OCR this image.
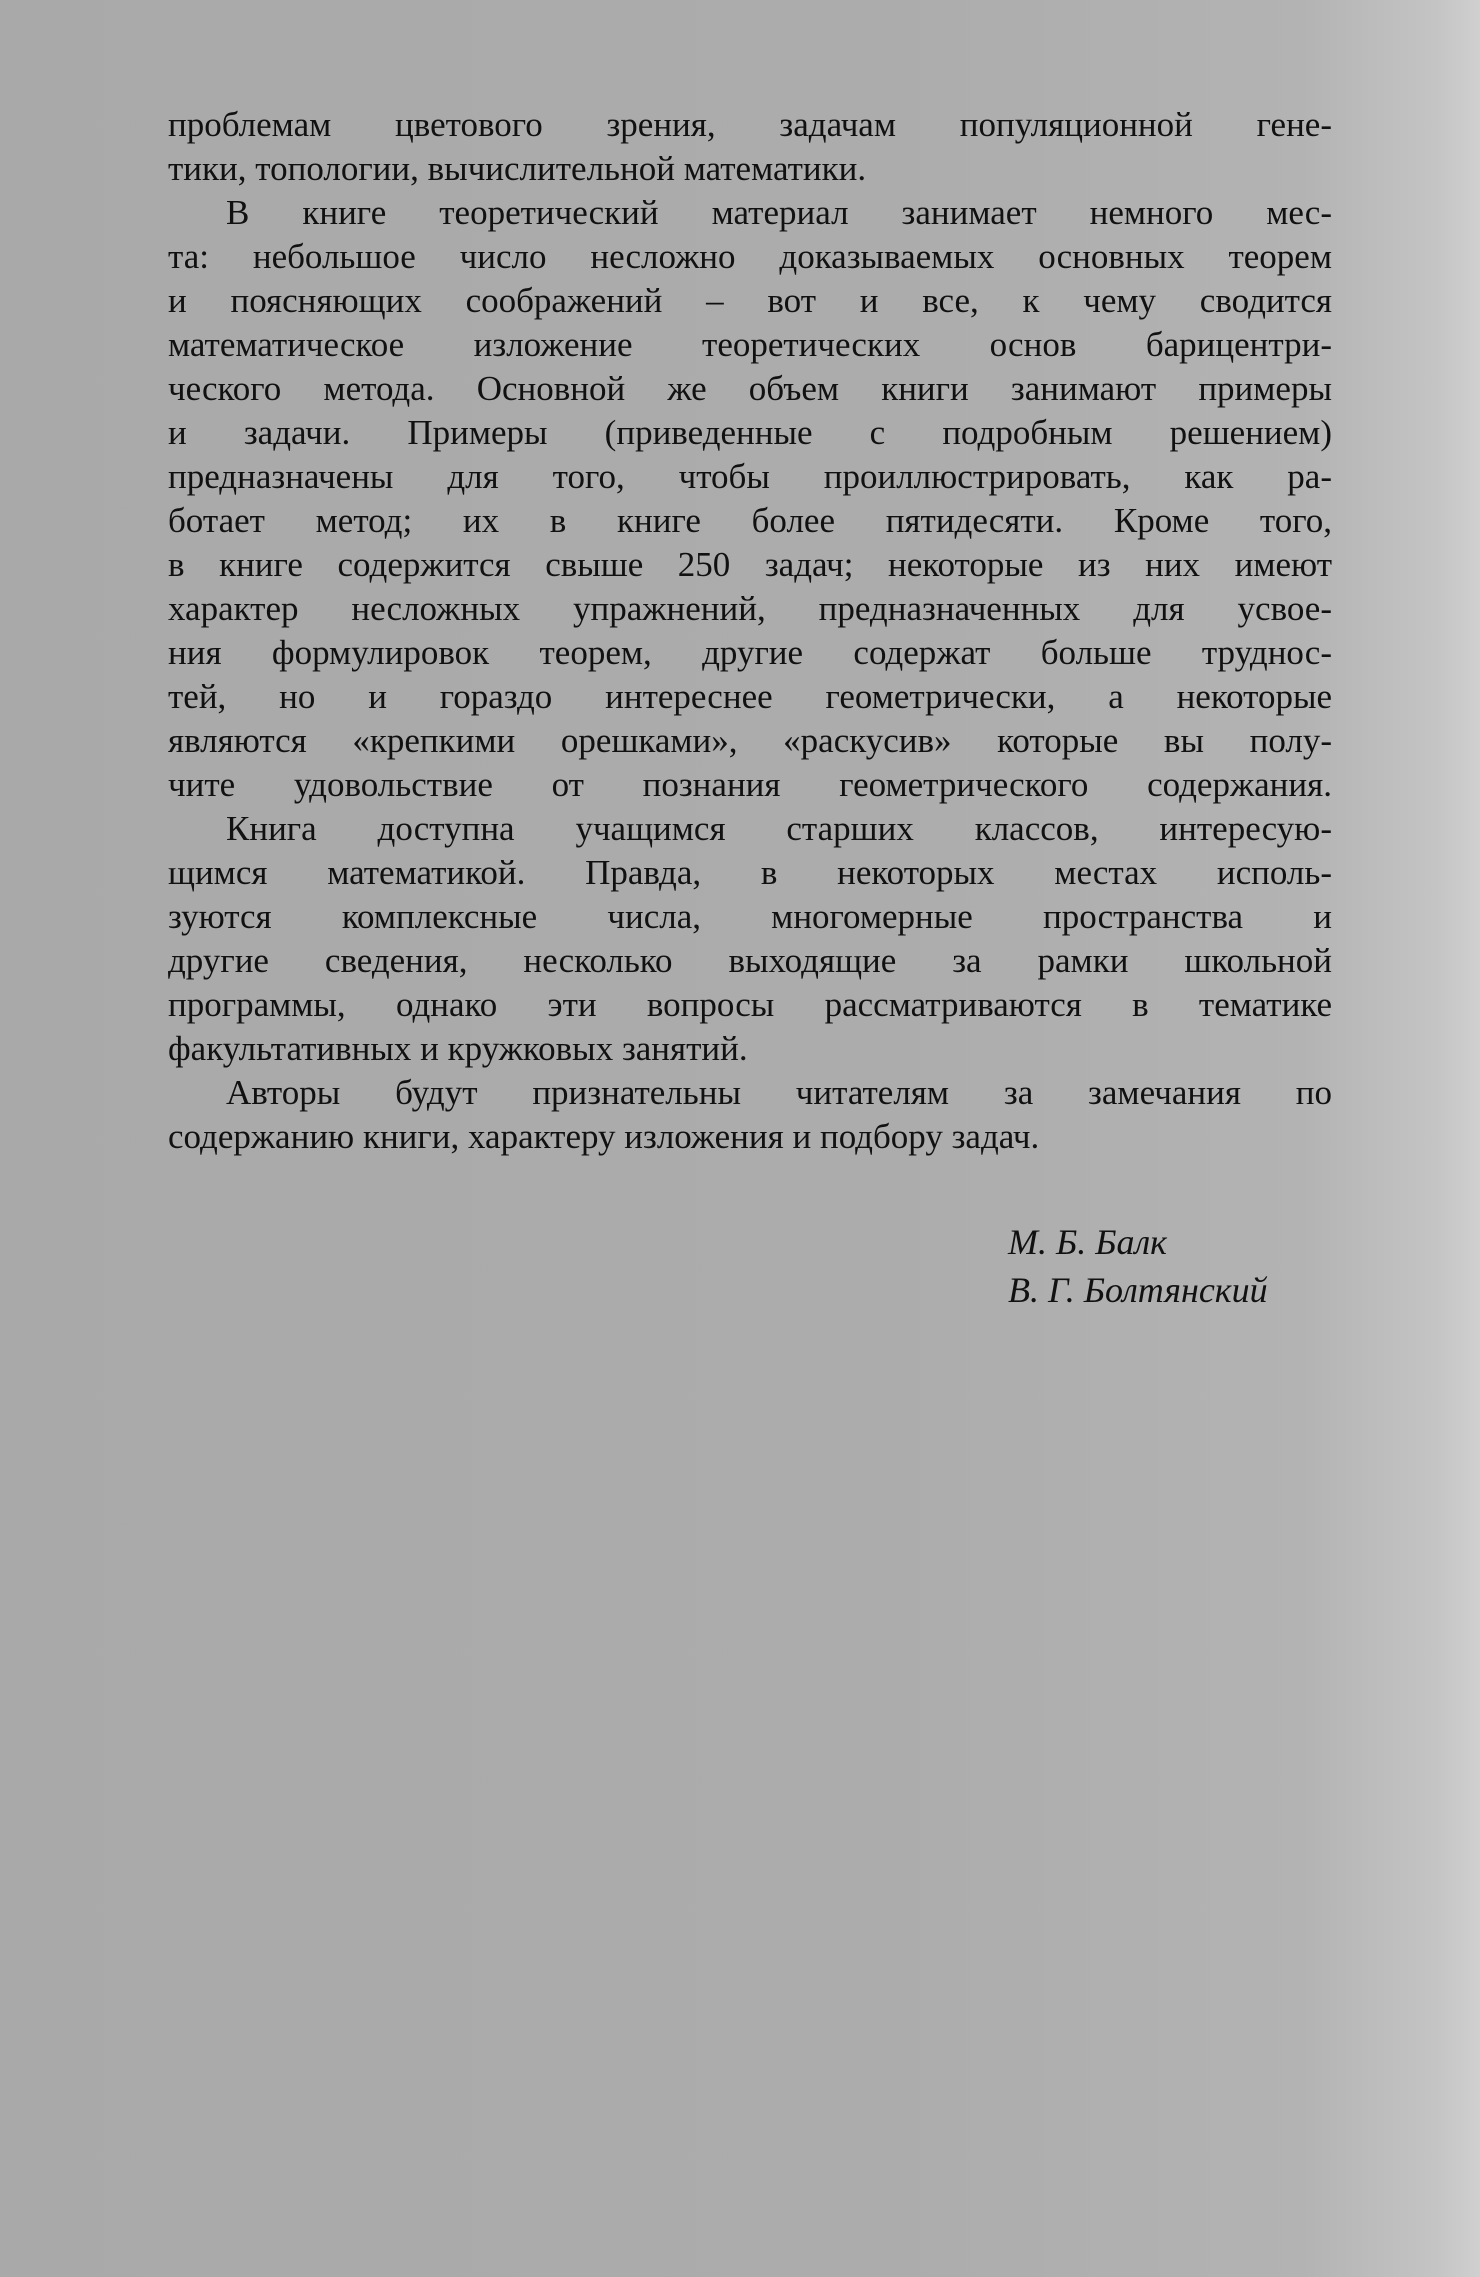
проблемам цветового зрения, задачам популяционной гене-
тики, топологии, вычислительной математики.
В книге теоретический материал занимает немного мес-
та: небольшое число несложно доказываемых основных теорем
и поясняющих соображений – вот и все, к чему сводится
математическое изложение теоретических основ барицентри-
ческого метода. Основной же объем книги занимают примеры
и задачи. Примеры (приведенные с подробным решением)
предназначены для того, чтобы проиллюстрировать, как ра-
ботает метод; их в книге более пятидесяти. Кроме того,
в книге содержится свыше 250 задач; некоторые из них имеют
характер несложных упражнений, предназначенных для усвое-
ния формулировок теорем, другие содержат больше труднос-
тей, но и гораздо интереснее геометрически, а некоторые
являются «крепкими орешками», «раскусив» которые вы полу-
чите удовольствие от познания геометрического содержания.
Книга доступна учащимся старших классов, интересую-
щимся математикой. Правда, в некоторых местах исполь-
зуются комплексные числа, многомерные пространства и
другие сведения, несколько выходящие за рамки школьной
программы, однако эти вопросы рассматриваются в тематике
факультативных и кружковых занятий.
Авторы будут признательны читателям за замечания по
содержанию книги, характеру изложения и подбору задач.
М. Б. Балк
В. Г. Болтянский
